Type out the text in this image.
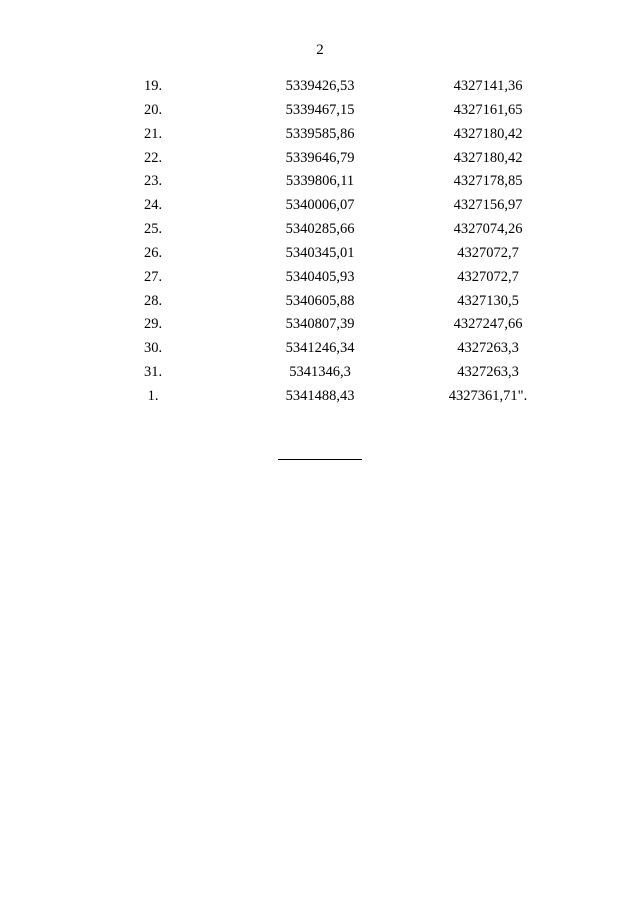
2
19.	5339426,53	4327141,36
20.	5339467,15	4327161,65
21.	5339585,86	4327180,42
22.	5339646,79	4327180,42
23.	5339806,11	4327178,85
24.	5340006,07	4327156,97
25.	5340285,66	4327074,26
26.	5340345,01	4327072,7
27.	5340405,93	4327072,7
28.	5340605,88	4327130,5
29.	5340807,39	4327247,66
30.	5341246,34	4327263,3
31.	5341346,3	4327263,3
1.	5341488,43	4327361,71".
